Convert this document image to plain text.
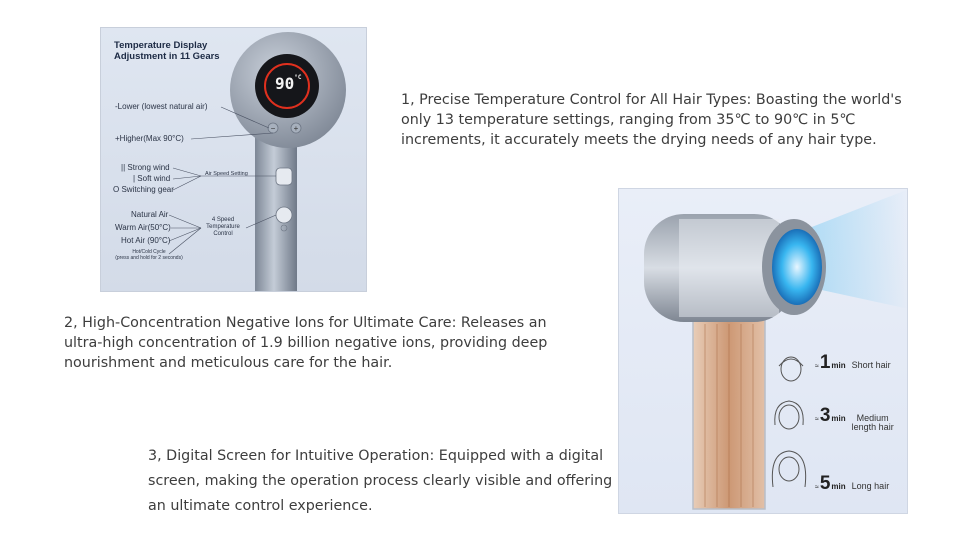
− +
Temperature Display Adjustment in 11 Gears
$90^{^\circ C}$
-Lower (lowest natural air)
+Higher(Max 90°C)
|| Strong wind
| Soft wind
O Switching gear
Air Speed Setting
Natural Air
Warm Air(50°C)
Hot Air (90°C)
Hot/Cold Cycle
(press and hold for 2 seconds)
4 Speed
Temperature
Control
1, Precise Temperature Control for All Hair Types: Boasting the world's only 13 temperature settings, ranging from 35℃ to 90℃ in 5℃ increments, it accurately meets the drying needs of any hair type.
2, High-Concentration Negative Ions for Ultimate Care: Releases an ultra-high concentration of 1.9 billion negative ions, providing deep nourishment and meticulous care for the hair.
3, Digital Screen for Intuitive Operation: Equipped with a digital screen, making the operation process clearly visible and offering an ultimate control experience.
≈ 1 min Short hair
≈ 3 min	Medium
length hair
≈ 5 min Long hair
